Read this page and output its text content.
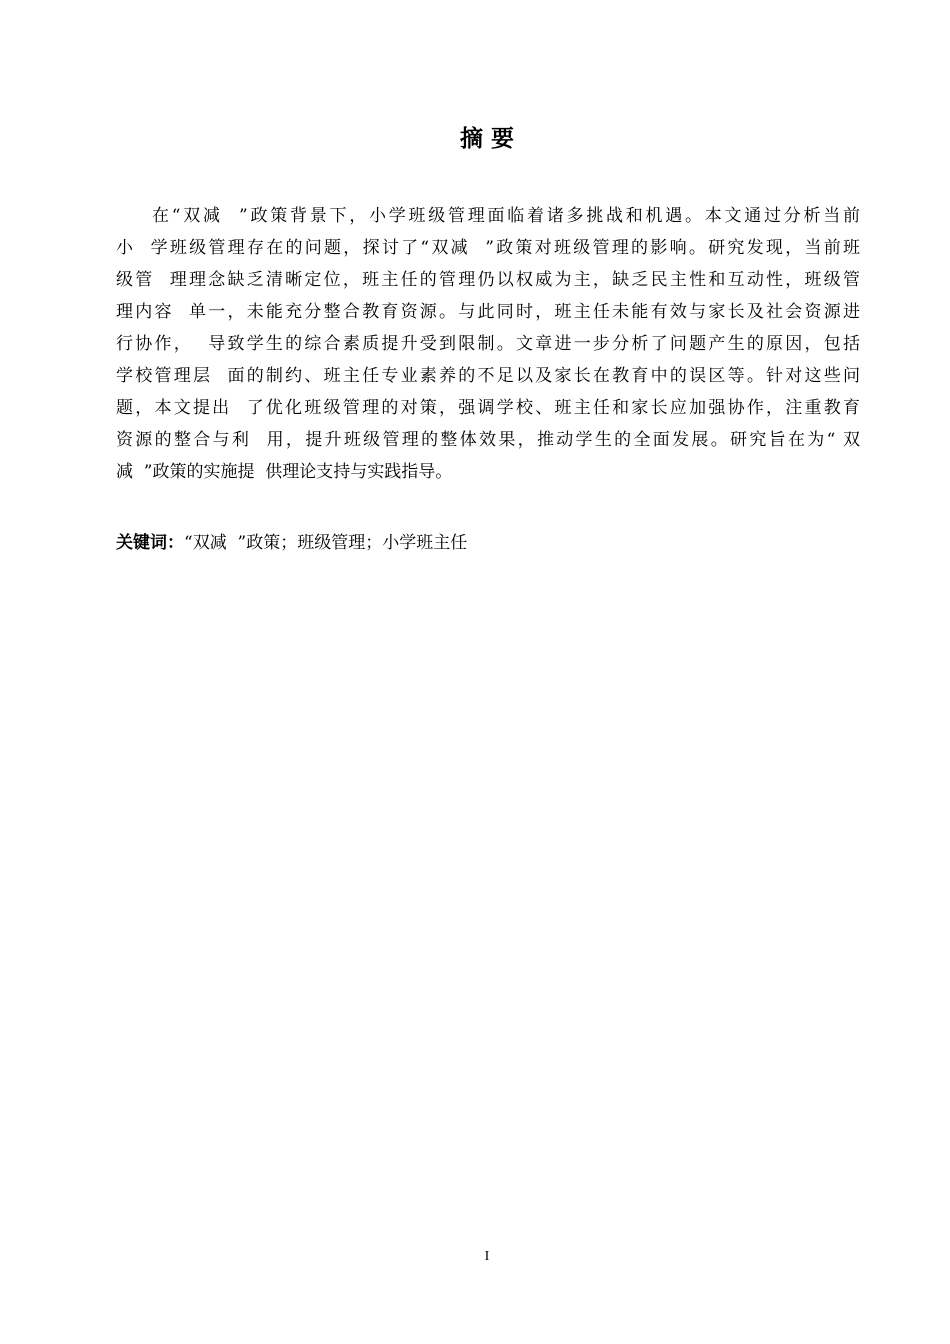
摘 要
在“双减  ”政策背景下，小学班级管理面临着诸多挑战和机遇。本文通过分析当前
小  学班级管理存在的问题，探讨了“双减  ”政策对班级管理的影响。研究发现，当前班
级管  理理念缺乏清晰定位，班主任的管理仍以权威为主，缺乏民主性和互动性，班级管
理内容  单一，未能充分整合教育资源。与此同时，班主任未能有效与家长及社会资源进
行协作，  导致学生的综合素质提升受到限制。文章进一步分析了问题产生的原因，包括
学校管理层  面的制约、班主任专业素养的不足以及家长在教育中的误区等。针对这些问
题，本文提出  了优化班级管理的对策，强调学校、班主任和家长应加强协作，注重教育
资源的整合与利  用，提升班级管理的整体效果，推动学生的全面发展。研究旨在为“ 双
减  ”政策的实施提  供理论支持与实践指导。
关键词：“双减  ”政策；班级管理；小学班主任
I
